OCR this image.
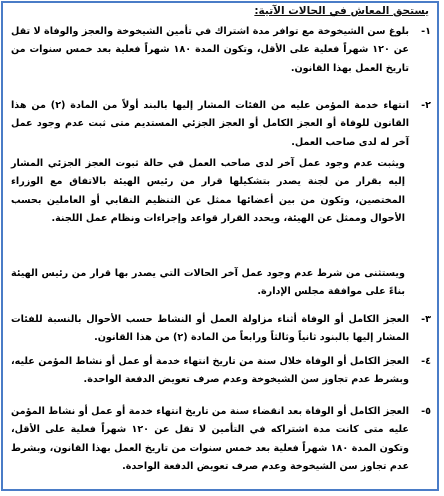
يستحق المعاش في الحالات الآتية:
١-
بلوغ سن الشيخوخة مع توافر مدة اشتراك في تأمين الشيخوخة والعجز والوفاة لا تقل عن ١٢٠ شهراً فعلية على الأقل، وتكون المدة ١٨٠ شهراً فعلية بعد خمس سنوات من تاريخ العمل بهذا القانون.
٢-
انتهاء خدمة المؤمن عليه من الفئات المشار إليها بالبند أولاً من المادة (٢) من هذا القانون للوفاة أو العجز الكامل أو العجز الجزئي المستديم متى ثبت عدم وجود عمل آخر له لدى صاحب العمل.
ويثبت عدم وجود عمل آخر لدى صاحب العمل في حالة ثبوت العجز الجزئي المشار إليه بقرار من لجنة يصدر بتشكيلها قرار من رئيس الهيئة بالاتفاق مع الوزراء المختصين، وتكون من بين أعضائها ممثل عن التنظيم النقابي أو العاملين بحسب الأحوال وممثل عن الهيئة، ويحدد القرار قواعد وإجراءات ونظام عمل اللجنة.
ويستثنى من شرط عدم وجود عمل آخر الحالات التي يصدر بها قرار من رئيس الهيئة بناءً على موافقة مجلس الإدارة.
٣-
العجز الكامل أو الوفاة أثناء مزاولة العمل أو النشاط حسب الأحوال بالنسبة للفئات المشار إليها بالبنود ثانياً وثالثاً ورابعاً من المادة (٢) من هذا القانون.
٤-
العجز الكامل أو الوفاة خلال سنة من تاريخ انتهاء خدمة أو عمل أو نشاط المؤمن عليه، وبشرط عدم تجاوز سن الشيخوخة وعدم صرف تعويض الدفعة الواحدة.
٥-
العجز الكامل أو الوفاة بعد انقضاء سنة من تاريخ انتهاء خدمة أو عمل أو نشاط المؤمن عليه متى كانت مدة اشتراكه في التأمين لا تقل عن ١٢٠ شهراً فعلية على الأقل، وتكون المدة ١٨٠ شهراً فعلية بعد خمس سنوات من تاريخ العمل بهذا القانون، وبشرط عدم تجاوز سن الشيخوخة وعدم صرف تعويض الدفعة الواحدة.
